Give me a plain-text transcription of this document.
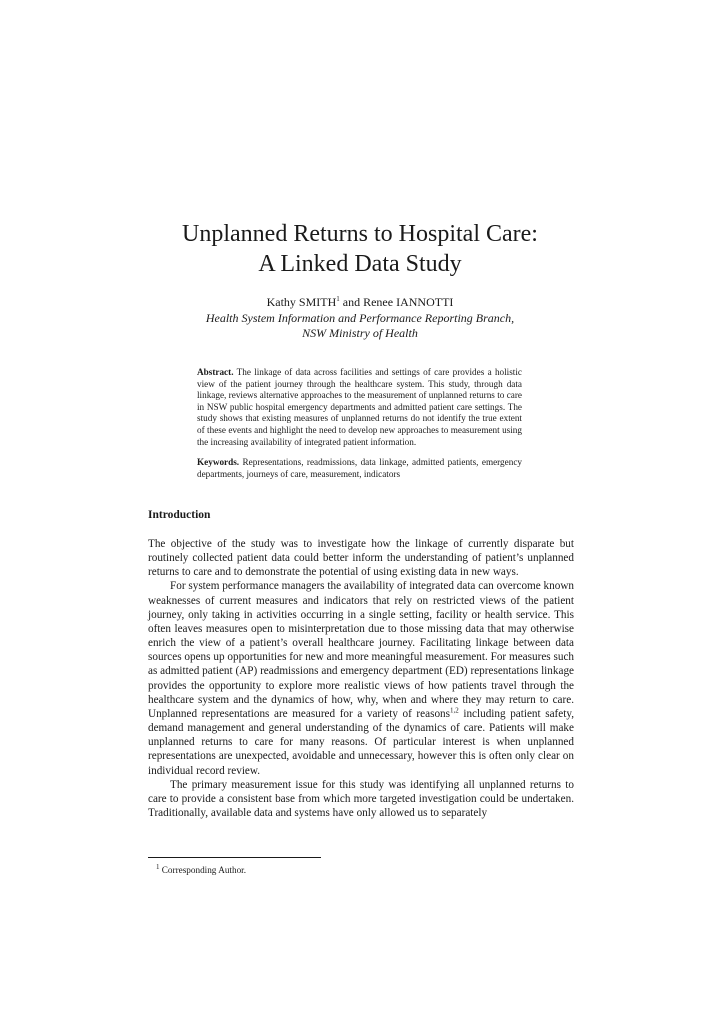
Unplanned Returns to Hospital Care:
A Linked Data Study
Kathy SMITH$^1$ and Renee IANNOTTI
Health System Information and Performance Reporting Branch,
NSW Ministry of Health

Abstract. The linkage of data across facilities and settings of care provides a holistic view of the patient journey through the healthcare system. This study, through data linkage, reviews alternative approaches to the measurement of unplanned returns to care in NSW public hospital emergency departments and admitted patient care settings. The study shows that existing measures of unplanned returns do not identify the true extent of these events and highlight the need to develop new approaches to measurement using the increasing availability of integrated patient information.

Keywords. Representations, readmissions, data linkage, admitted patients, emergency departments, journeys of care, measurement, indicators

Introduction

The objective of the study was to investigate how the linkage of currently disparate but routinely collected patient data could better inform the understanding of patient’s unplanned returns to care and to demonstrate the potential of using existing data in new ways.

For system performance managers the availability of integrated data can overcome known weaknesses of current measures and indicators that rely on restricted views of the patient journey, only taking in activities occurring in a single setting, facility or health service. This often leaves measures open to misinterpretation due to those missing data that may otherwise enrich the view of a patient’s overall healthcare journey. Facilitating linkage between data sources opens up opportunities for new and more meaningful measurement. For measures such as admitted patient (AP) readmissions and emergency department (ED) representations linkage provides the opportunity to explore more realistic views of how patients travel through the healthcare system and the dynamics of how, why, when and where they may return to care. Unplanned representations are measured for a variety of reasons$^{1,2}$ including patient safety, demand management and general understanding of the dynamics of care. Patients will make unplanned returns to care for many reasons. Of particular interest is when unplanned representations are unexpected, avoidable and unnecessary, however this is often only clear on individual record review.

The primary measurement issue for this study was identifying all unplanned returns to care to provide a consistent base from which more targeted investigation could be undertaken. Traditionally, available data and systems have only allowed us to separately

$^1$ Corresponding Author.
